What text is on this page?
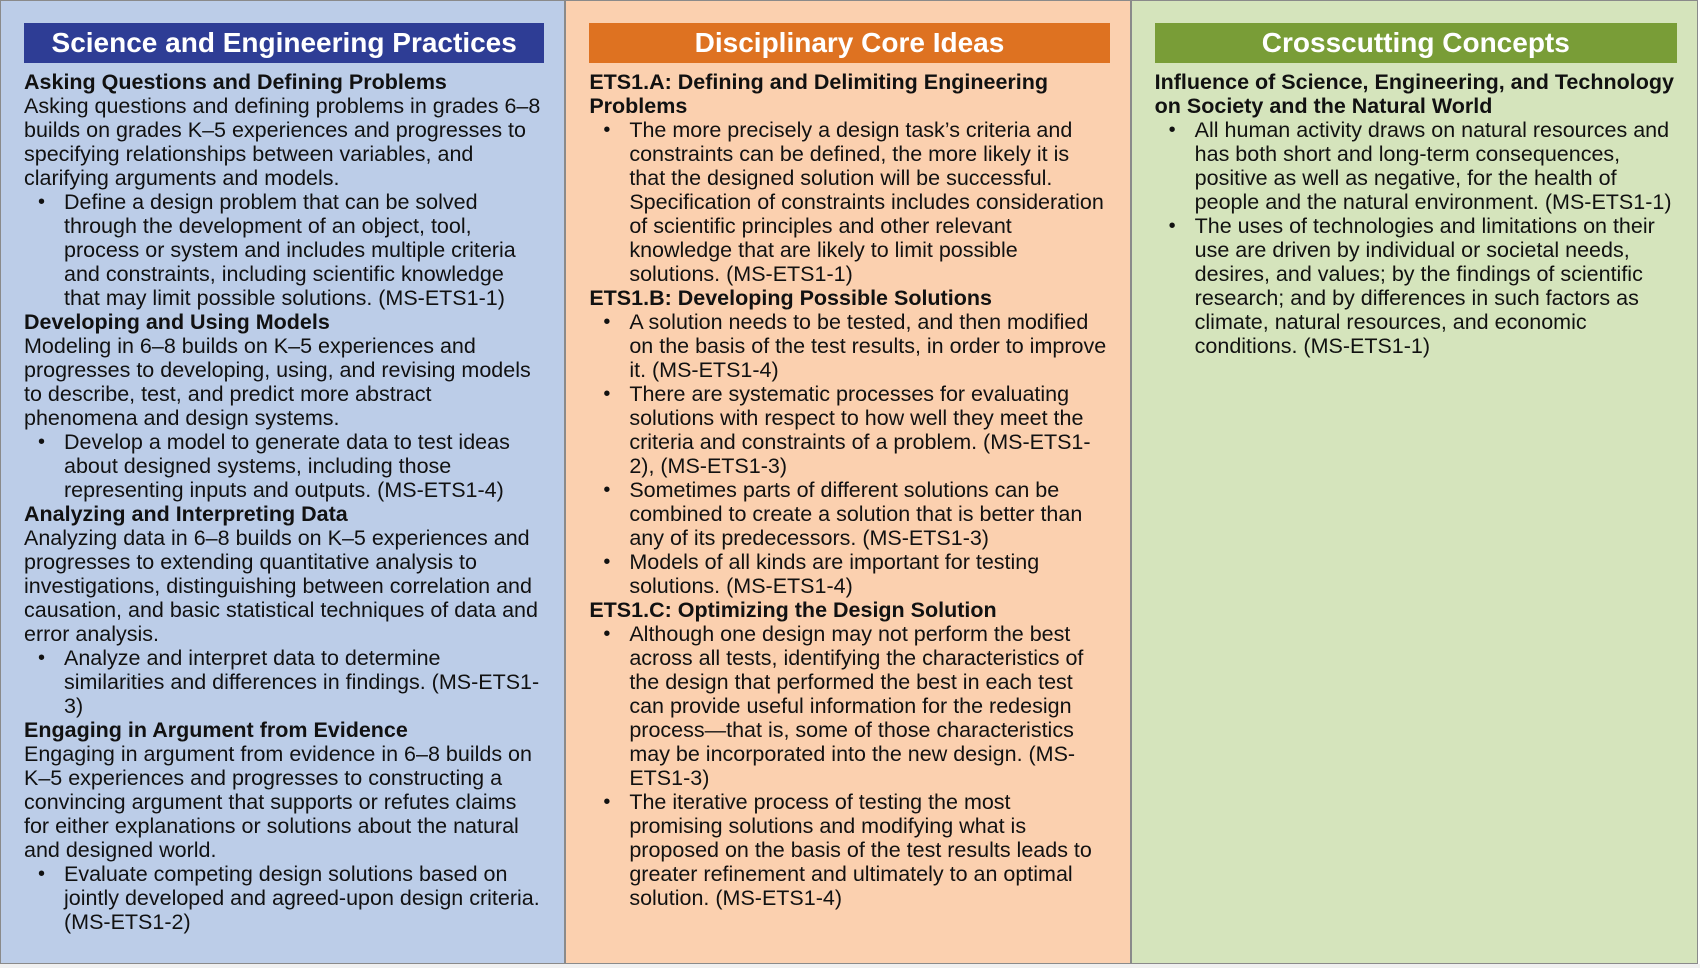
Science and Engineering Practices
Asking Questions and Defining Problems
Asking questions and defining problems in grades 6–8 builds on grades K–5 experiences and progresses to specifying relationships between variables, and clarifying arguments and models.
• Define a design problem that can be solved through the development of an object, tool, process or system and includes multiple criteria and constraints, including scientific knowledge that may limit possible solutions. (MS-ETS1-1)
Developing and Using Models
Modeling in 6–8 builds on K–5 experiences and progresses to developing, using, and revising models to describe, test, and predict more abstract phenomena and design systems.
• Develop a model to generate data to test ideas about designed systems, including those representing inputs and outputs. (MS-ETS1-4)
Analyzing and Interpreting Data
Analyzing data in 6–8 builds on K–5 experiences and progresses to extending quantitative analysis to investigations, distinguishing between correlation and causation, and basic statistical techniques of data and error analysis.
• Analyze and interpret data to determine similarities and differences in findings. (MS-ETS1-3)
Engaging in Argument from Evidence
Engaging in argument from evidence in 6–8 builds on K–5 experiences and progresses to constructing a convincing argument that supports or refutes claims for either explanations or solutions about the natural and designed world.
• Evaluate competing design solutions based on jointly developed and agreed-upon design criteria. (MS-ETS1-2)
Disciplinary Core Ideas
ETS1.A: Defining and Delimiting Engineering Problems
• The more precisely a design task’s criteria and constraints can be defined, the more likely it is that the designed solution will be successful. Specification of constraints includes consideration of scientific principles and other relevant knowledge that are likely to limit possible solutions. (MS-ETS1-1)
ETS1.B: Developing Possible Solutions
• A solution needs to be tested, and then modified on the basis of the test results, in order to improve it. (MS-ETS1-4)
• There are systematic processes for evaluating solutions with respect to how well they meet the criteria and constraints of a problem. (MS-ETS1-2), (MS-ETS1-3)
• Sometimes parts of different solutions can be combined to create a solution that is better than any of its predecessors. (MS-ETS1-3)
• Models of all kinds are important for testing solutions. (MS-ETS1-4)
ETS1.C: Optimizing the Design Solution
• Although one design may not perform the best across all tests, identifying the characteristics of the design that performed the best in each test can provide useful information for the redesign process—that is, some of those characteristics may be incorporated into the new design. (MS-ETS1-3)
• The iterative process of testing the most promising solutions and modifying what is proposed on the basis of the test results leads to greater refinement and ultimately to an optimal solution. (MS-ETS1-4)
Crosscutting Concepts
Influence of Science, Engineering, and Technology on Society and the Natural World
• All human activity draws on natural resources and has both short and long-term consequences, positive as well as negative, for the health of people and the natural environment. (MS-ETS1-1)
• The uses of technologies and limitations on their use are driven by individual or societal needs, desires, and values; by the findings of scientific research; and by differences in such factors as climate, natural resources, and economic conditions. (MS-ETS1-1)
